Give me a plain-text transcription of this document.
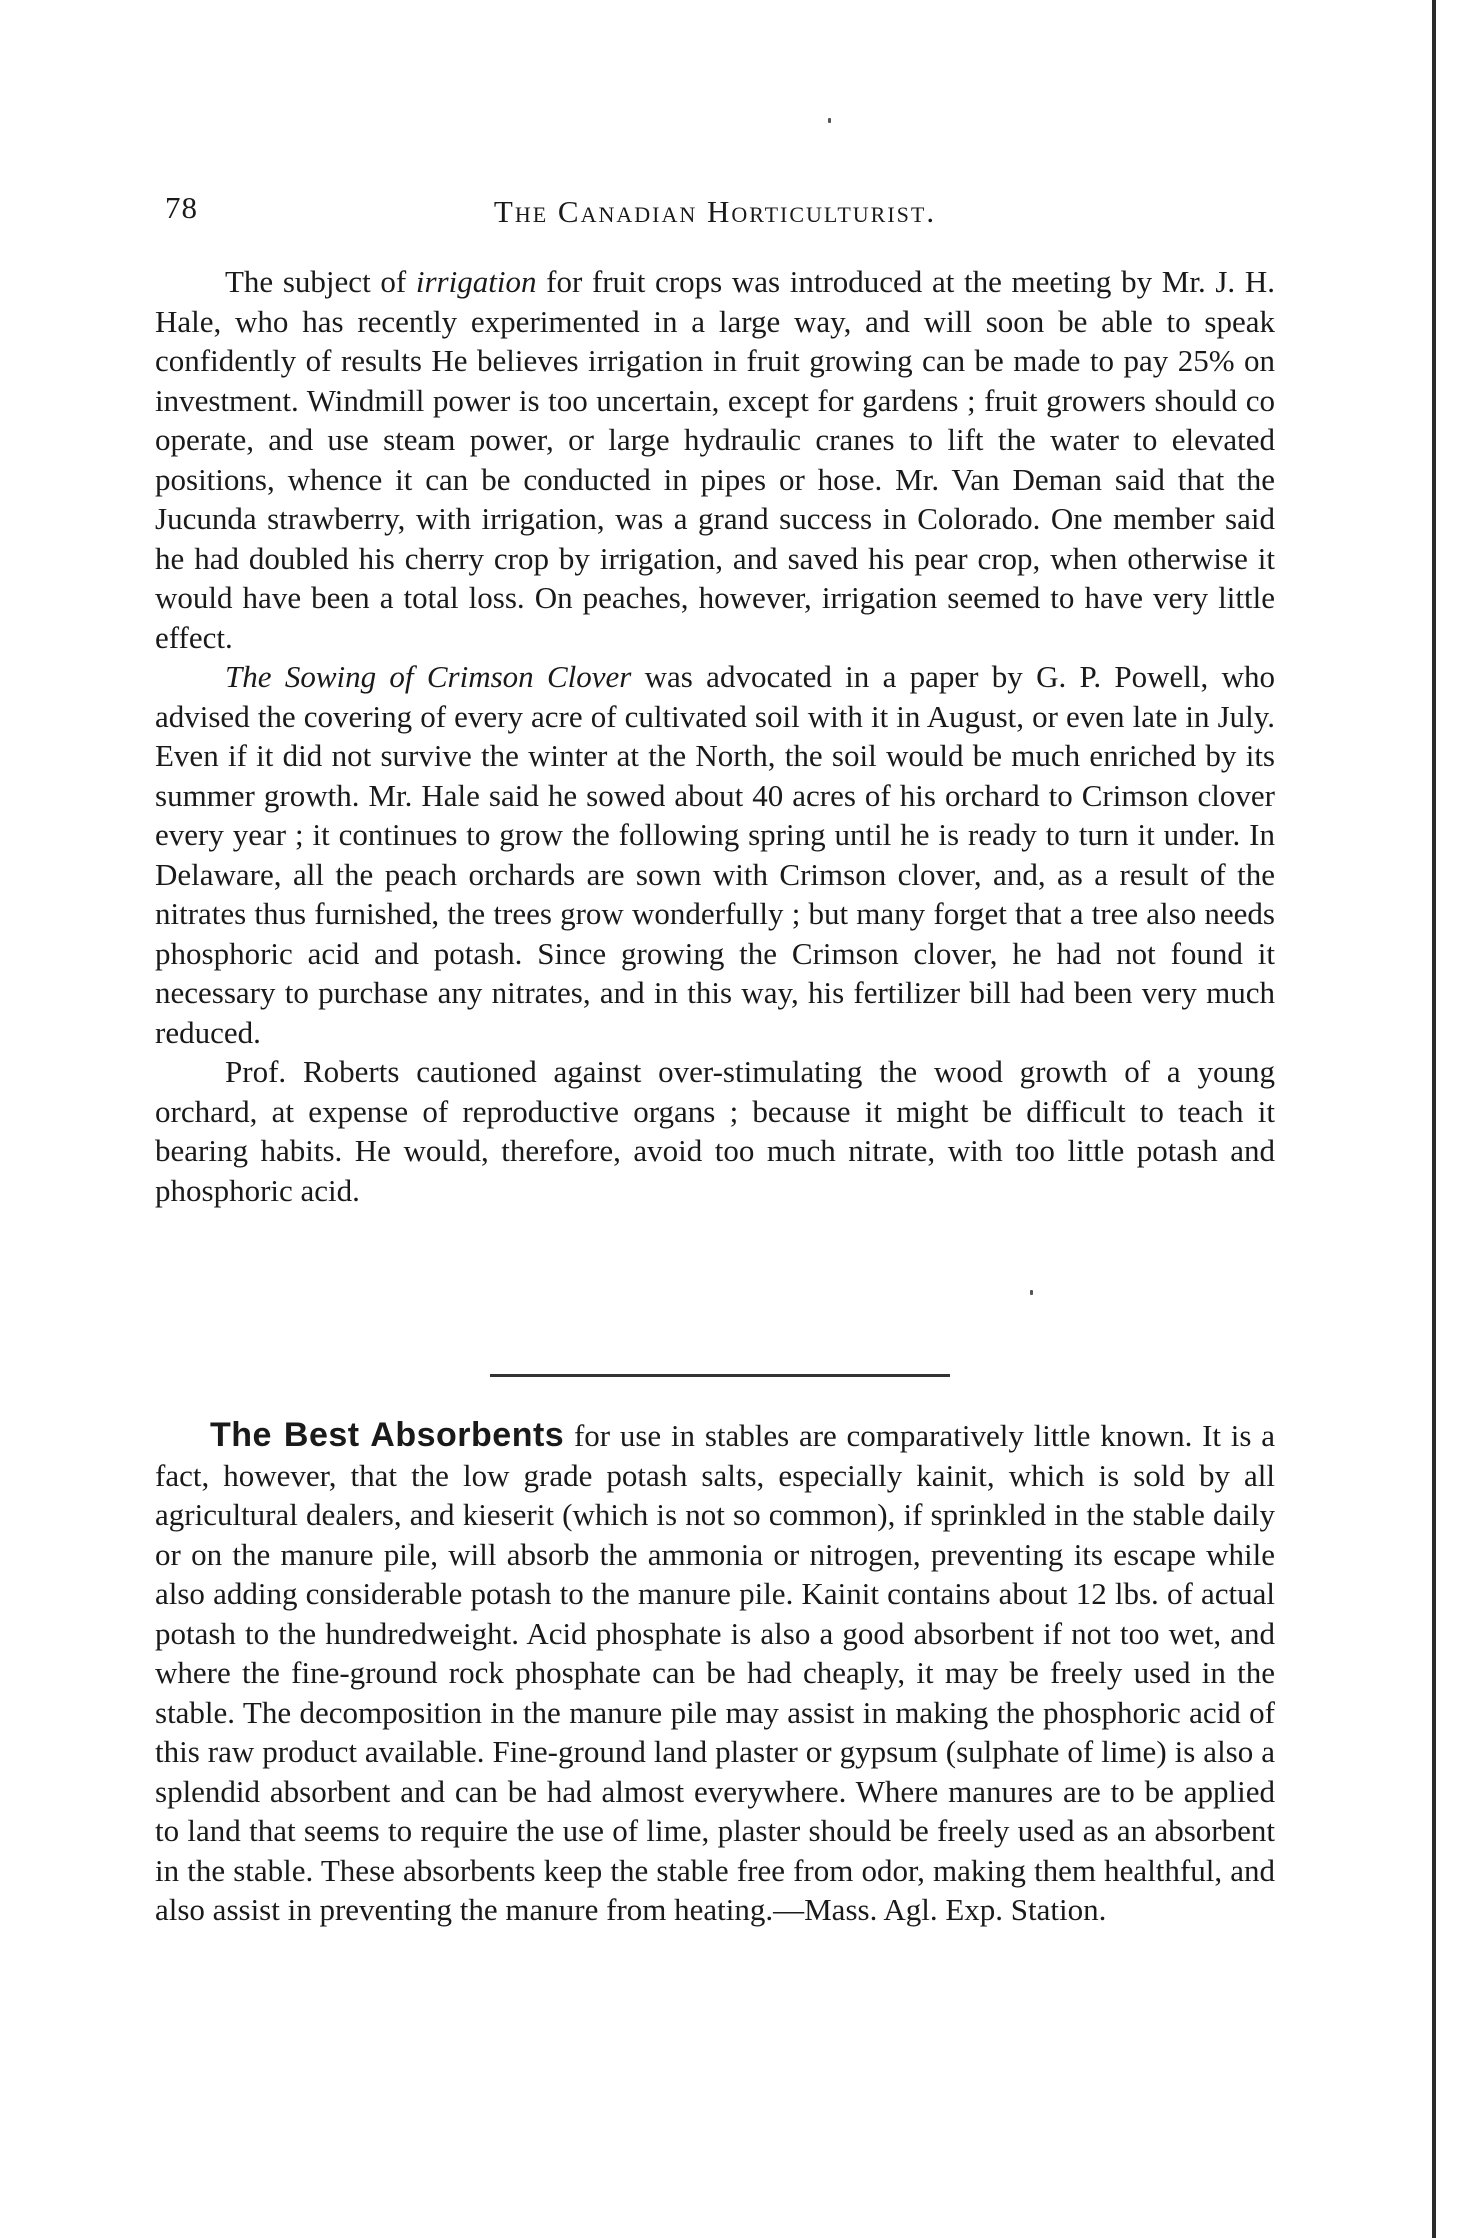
78	The Canadian Horticulturist.

The subject of irrigation for fruit crops was introduced at the meeting by Mr. J. H. Hale, who has recently experimented in a large way, and will soon be able to speak confidently of results He believes irrigation in fruit growing can be made to pay 25% on investment. Windmill power is too uncertain, except for gardens ; fruit growers should co operate, and use steam power, or large hydraulic cranes to lift the water to elevated positions, whence it can be conducted in pipes or hose. Mr. Van Deman said that the Jucunda strawberry, with irrigation, was a grand success in Colorado. One member said he had doubled his cherry crop by irrigation, and saved his pear crop, when otherwise it would have been a total loss. On peaches, however, irrigation seemed to have very little effect.

The Sowing of Crimson Clover was advocated in a paper by G. P. Powell, who advised the covering of every acre of cultivated soil with it in August, or even late in July. Even if it did not survive the winter at the North, the soil would be much enriched by its summer growth. Mr. Hale said he sowed about 40 acres of his orchard to Crimson clover every year ; it continues to grow the following spring until he is ready to turn it under. In Delaware, all the peach orchards are sown with Crimson clover, and, as a result of the nitrates thus furnished, the trees grow wonderfully ; but many forget that a tree also needs phosphoric acid and potash. Since growing the Crimson clover, he had not found it necessary to purchase any nitrates, and in this way, his fertilizer bill had been very much reduced.

Prof. Roberts cautioned against over-stimulating the wood growth of a young orchard, at expense of reproductive organs ; because it might be difficult to teach it bearing habits. He would, therefore, avoid too much nitrate, with too little potash and phosphoric acid.

The Best Absorbents for use in stables are comparatively little known. It is a fact, however, that the low grade potash salts, especially kainit, which is sold by all agricultural dealers, and kieserit (which is not so common), if sprinkled in the stable daily or on the manure pile, will absorb the ammonia or nitrogen, preventing its escape while also adding considerable potash to the manure pile. Kainit contains about 12 lbs. of actual potash to the hundredweight. Acid phosphate is also a good absorbent if not too wet, and where the fine-ground rock phosphate can be had cheaply, it may be freely used in the stable. The decomposition in the manure pile may assist in making the phosphoric acid of this raw product available. Fine-ground land plaster or gypsum (sulphate of lime) is also a splendid absorbent and can be had almost everywhere. Where manures are to be applied to land that seems to require the use of lime, plaster should be freely used as an absorbent in the stable. These absorbents keep the stable free from odor, making them healthful, and also assist in preventing the manure from heating.—Mass. Agl. Exp. Station.
